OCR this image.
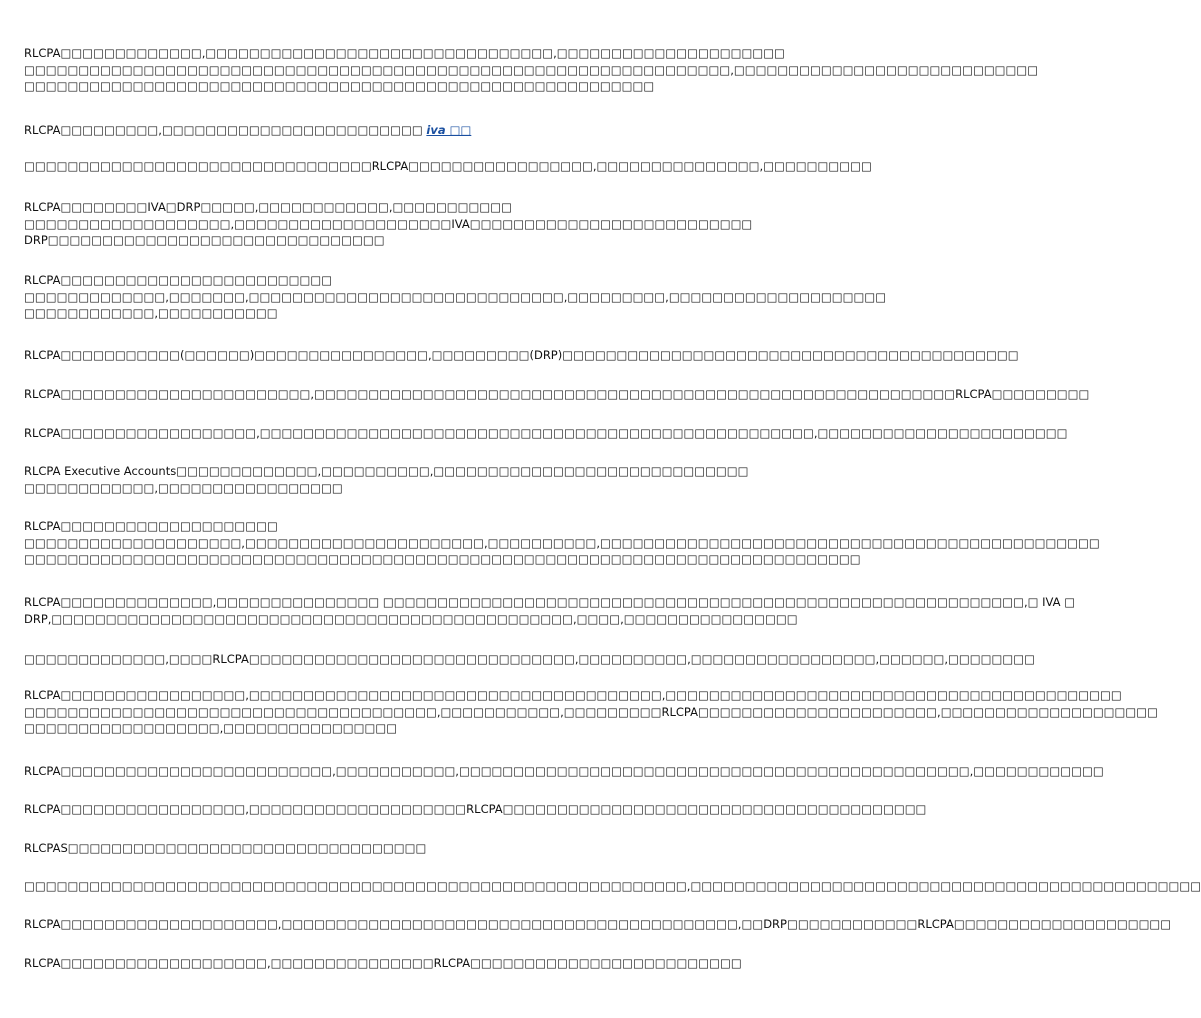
RLCPA□□□□□□□□□□□□□,□□□□□□□□□□□□□□□□□□□□□□□□□□□□□□□□,□□□□□□□□□□□□□□□□□□□□□
□□□□□□□□□□□□□□□□□□□□□□□□□□□□□□□□□□□□□□□□□□□□□□□□□□□□□□□□□□□□□□□□□,□□□□□□□□□□□□□□□□□□□□□□□□□□□□
□□□□□□□□□□□□□□□□□□□□□□□□□□□□□□□□□□□□□□□□□□□□□□□□□□□□□□□□□□

RLCPA□□□□□□□□□,□□□□□□□□□□□□□□□□□□□□□□□□ iva □□

□□□□□□□□□□□□□□□□□□□□□□□□□□□□□□□□RLCPA□□□□□□□□□□□□□□□□□,□□□□□□□□□□□□□□□,□□□□□□□□□□

RLCPA□□□□□□□□IVA□DRP□□□□□,□□□□□□□□□□□□,□□□□□□□□□□□
□□□□□□□□□□□□□□□□□□□,□□□□□□□□□□□□□□□□□□□□IVA□□□□□□□□□□□□□□□□□□□□□□□□□□
DRP□□□□□□□□□□□□□□□□□□□□□□□□□□□□□□□

RLCPA□□□□□□□□□□□□□□□□□□□□□□□□□
□□□□□□□□□□□□□,□□□□□□□,□□□□□□□□□□□□□□□□□□□□□□□□□□□□□,□□□□□□□□□,□□□□□□□□□□□□□□□□□□□□
□□□□□□□□□□□□,□□□□□□□□□□□

RLCPA□□□□□□□□□□□(□□□□□□)□□□□□□□□□□□□□□□□,□□□□□□□□□(DRP)□□□□□□□□□□□□□□□□□□□□□□□□□□□□□□□□□□□□□□□□□□

RLCPA□□□□□□□□□□□□□□□□□□□□□□□,□□□□□□□□□□□□□□□□□□□□□□□□□□□□□□□□□□□□□□□□□□□□□□□□□□□□□□□□□□□RLCPA□□□□□□□□□

RLCPA□□□□□□□□□□□□□□□□□□,□□□□□□□□□□□□□□□□□□□□□□□□□□□□□□□□□□□□□□□□□□□□□□□□□□□,□□□□□□□□□□□□□□□□□□□□□□□

RLCPA Executive Accounts□□□□□□□□□□□□□,□□□□□□□□□□,□□□□□□□□□□□□□□□□□□□□□□□□□□□□□
□□□□□□□□□□□□,□□□□□□□□□□□□□□□□□

RLCPA□□□□□□□□□□□□□□□□□□□□
□□□□□□□□□□□□□□□□□□□□,□□□□□□□□□□□□□□□□□□□□□□,□□□□□□□□□□,□□□□□□□□□□□□□□□□□□□□□□□□□□□□□□□□□□□□□□□□□□□□□□
□□□□□□□□□□□□□□□□□□□□□□□□□□□□□□□□□□□□□□□□□□□□□□□□□□□□□□□□□□□□□□□□□□□□□□□□□□□□□

RLCPA□□□□□□□□□□□□□□,□□□□□□□□□□□□□□□ □□□□□□□□□□□□□□□□□□□□□□□□□□□□□□□□□□□□□□□□□□□□□□□□□□□□□□□□□□□,□ IVA □
DRP,□□□□□□□□□□□□□□□□□□□□□□□□□□□□□□□□□□□□□□□□□□□□□□□□,□□□□,□□□□□□□□□□□□□□□□

□□□□□□□□□□□□□,□□□□RLCPA□□□□□□□□□□□□□□□□□□□□□□□□□□□□□□,□□□□□□□□□□,□□□□□□□□□□□□□□□□□,□□□□□□,□□□□□□□□

RLCPA□□□□□□□□□□□□□□□□□,□□□□□□□□□□□□□□□□□□□□□□□□□□□□□□□□□□□□□□,□□□□□□□□□□□□□□□□□□□□□□□□□□□□□□□□□□□□□□□□□□
□□□□□□□□□□□□□□□□□□□□□□□□□□□□□□□□□□□□□□,□□□□□□□□□□□,□□□□□□□□□RLCPA□□□□□□□□□□□□□□□□□□□□□□,□□□□□□□□□□□□□□□□□□□□
□□□□□□□□□□□□□□□□□□,□□□□□□□□□□□□□□□□

RLCPA□□□□□□□□□□□□□□□□□□□□□□□□□,□□□□□□□□□□□,□□□□□□□□□□□□□□□□□□□□□□□□□□□□□□□□□□□□□□□□□□□□□□□,□□□□□□□□□□□□

RLCPA□□□□□□□□□□□□□□□□□,□□□□□□□□□□□□□□□□□□□□RLCPA□□□□□□□□□□□□□□□□□□□□□□□□□□□□□□□□□□□□□□□

RLCPAS□□□□□□□□□□□□□□□□□□□□□□□□□□□□□□□□□

□□□□□□□□□□□□□□□□□□□□□□□□□□□□□□□□□□□□□□□□□□□□□□□□□□□□□□□□□□□□□,□□□□□□□□□□□□□□□□□□□□□□□□□□□□□□□□□□□□□□□□□□□□□□□

RLCPA□□□□□□□□□□□□□□□□□□□□,□□□□□□□□□□□□□□□□□□□□□□□□□□□□□□□□□□□□□□□□□□,□□DRP□□□□□□□□□□□□RLCPA□□□□□□□□□□□□□□□□□□□□

RLCPA□□□□□□□□□□□□□□□□□□□,□□□□□□□□□□□□□□□RLCPA□□□□□□□□□□□□□□□□□□□□□□□□□
